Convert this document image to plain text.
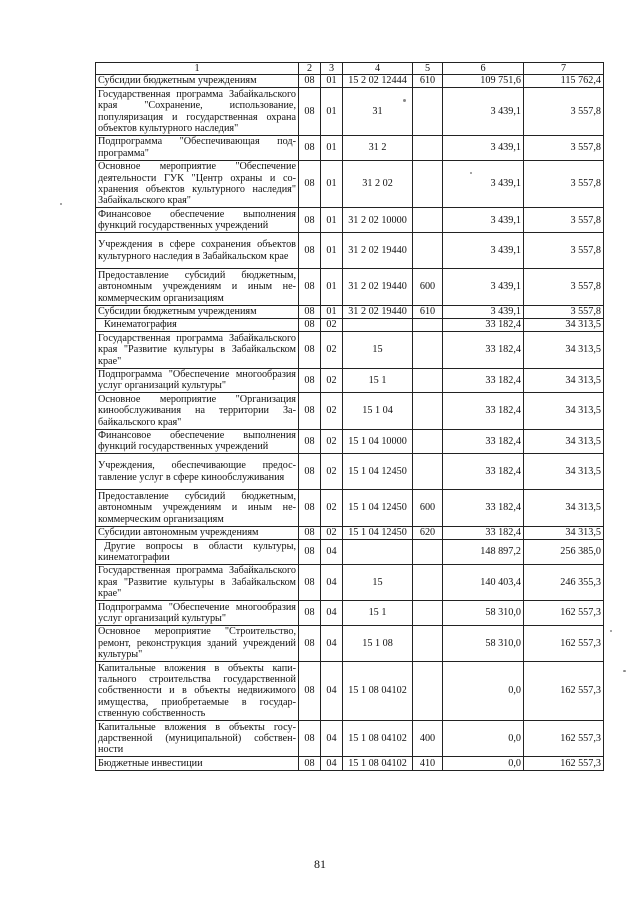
1	2	3	4	5	6	7
Субсидии бюджетным учреждениям	08	01	15 2 02 12444	610	109 751,6	115 762,4
Государственная программа Забайкальского края "Сохранение, использование, популяризация и государственная охрана объектов культурного наследия"	08	01	31		3 439,1	3 557,8
Подпрограмма "Обеспечивающая подпрограмма"	08	01	31 2		3 439,1	3 557,8
Основное мероприятие "Обеспечение деятельности ГУК "Центр охраны и сохранения объектов культурного наследия" Забайкальского края"	08	01	31 2 02		3 439,1	3 557,8
Финансовое обеспечение выполнения функций государственных учреждений	08	01	31 2 02 10000		3 439,1	3 557,8
Учреждения в сфере сохранения объектов культурного наследия в Забайкальском крае	08	01	31 2 02 19440		3 439,1	3 557,8
Предоставление субсидий бюджетным, автономным учреждениям и иным некоммерческим организациям	08	01	31 2 02 19440	600	3 439,1	3 557,8
Субсидии бюджетным учреждениям	08	01	31 2 02 19440	610	3 439,1	3 557,8
Кинематография	08	02			33 182,4	34 313,5
Государственная программа Забайкальского края "Развитие культуры в Забайкальском крае"	08	02	15		33 182,4	34 313,5
Подпрограмма "Обеспечение многообразия услуг организаций культуры"	08	02	15 1		33 182,4	34 313,5
Основное мероприятие "Организация кинообслуживания на территории Забайкальского края"	08	02	15 1 04		33 182,4	34 313,5
Финансовое обеспечение выполнения функций государственных учреждений	08	02	15 1 04 10000		33 182,4	34 313,5
Учреждения, обеспечивающие предоставление услуг в сфере кинообслуживания	08	02	15 1 04 12450		33 182,4	34 313,5
Предоставление субсидий бюджетным, автономным учреждениям и иным некоммерческим организациям	08	02	15 1 04 12450	600	33 182,4	34 313,5
Субсидии автономным учреждениям	08	02	15 1 04 12450	620	33 182,4	34 313,5
Другие вопросы в области культуры, кинематографии	08	04			148 897,2	256 385,0
Государственная программа Забайкальского края "Развитие культуры в Забайкальском крае"	08	04	15		140 403,4	246 355,3
Подпрограмма "Обеспечение многообразия услуг организаций культуры"	08	04	15 1		58 310,0	162 557,3
Основное мероприятие "Строительство, ремонт, реконструкция зданий учреждений культуры"	08	04	15 1 08		58 310,0	162 557,3
Капитальные вложения в объекты капитального строительства государственной собственности и в объекты недвижимого имущества, приобретаемые в государственную собственность	08	04	15 1 08 04102		0,0	162 557,3
Капитальные вложения в объекты государственной (муниципальной) собственности	08	04	15 1 08 04102	400	0,0	162 557,3
Бюджетные инвестиции	08	04	15 1 08 04102	410	0,0	162 557,3
81
